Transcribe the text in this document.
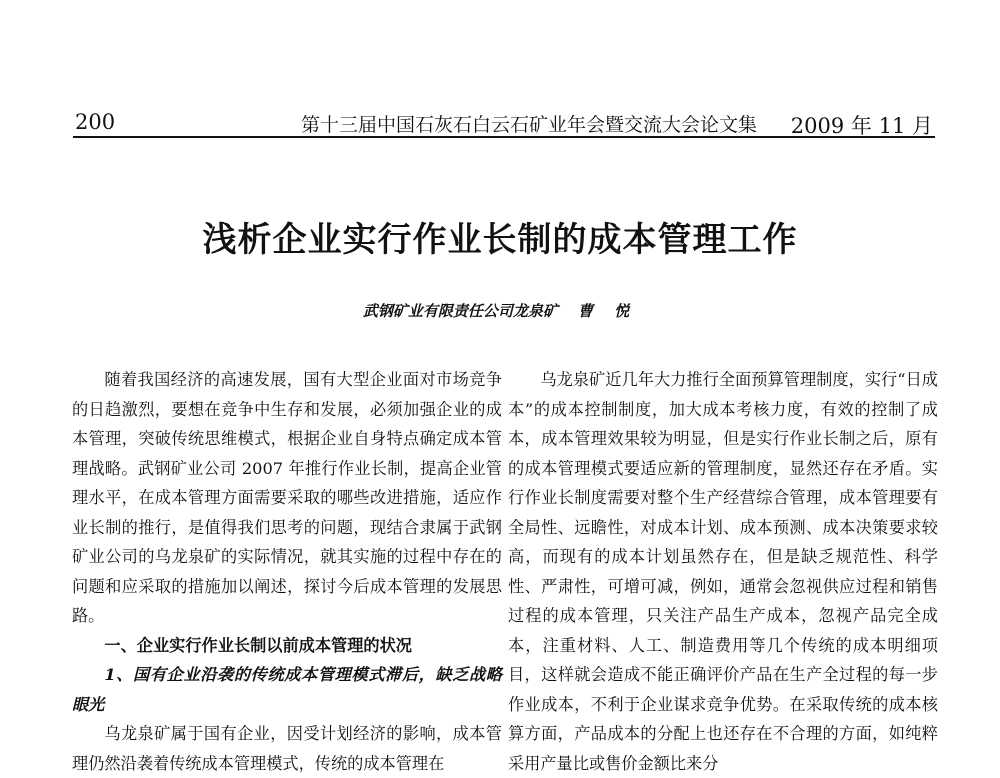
200	第十三届中国石灰石白云石矿业年会暨交流大会论文集 2009 年 11 月
浅析企业实行作业长制的成本管理工作
武钢矿业有限责任公司龙泉矿 曹 悦

随着我国经济的高速发展，国有大型企业面对市场竞争的日趋激烈，要想在竞争中生存和发展，必须加强企业的成本管理，突破传统思维模式，根据企业自身特点确定成本管理战略。武钢矿业公司 2007 年推行作业长制，提高企业管理水平，在成本管理方面需要采取的哪些改进措施，适应作业长制的推行，是值得我们思考的问题，现结合隶属于武钢矿业公司的乌龙泉矿的实际情况，就其实施的过程中存在的问题和应采取的措施加以阐述，探讨今后成本管理的发展思路。

一、企业实行作业长制以前成本管理的状况

1、国有企业沿袭的传统成本管理模式滞后，缺乏战略眼光

乌龙泉矿属于国有企业，因受计划经济的影响，成本管理仍然沿袭着传统成本管理模式，传统的成本管理在

乌龙泉矿近几年大力推行全面预算管理制度，实行“日成本”的成本控制制度，加大成本考核力度，有效的控制了成本，成本管理效果较为明显，但是实行作业长制之后，原有的成本管理模式要适应新的管理制度，显然还存在矛盾。实行作业长制度需要对整个生产经营综合管理，成本管理要有全局性、远瞻性，对成本计划、成本预测、成本决策要求较高，而现有的成本计划虽然存在，但是缺乏规范性、科学性、严肃性，可增可减，例如，通常会忽视供应过程和销售过程的成本管理，只关注产品生产成本，忽视产品完全成本，注重材料、人工、制造费用等几个传统的成本明细项目，这样就会造成不能正确评价产品在生产全过程的每一步作业成本，不利于企业谋求竞争优势。在采取传统的成本核算方面，产品成本的分配上也还存在不合理的方面，如纯粹采用产量比或售价金额比来分
